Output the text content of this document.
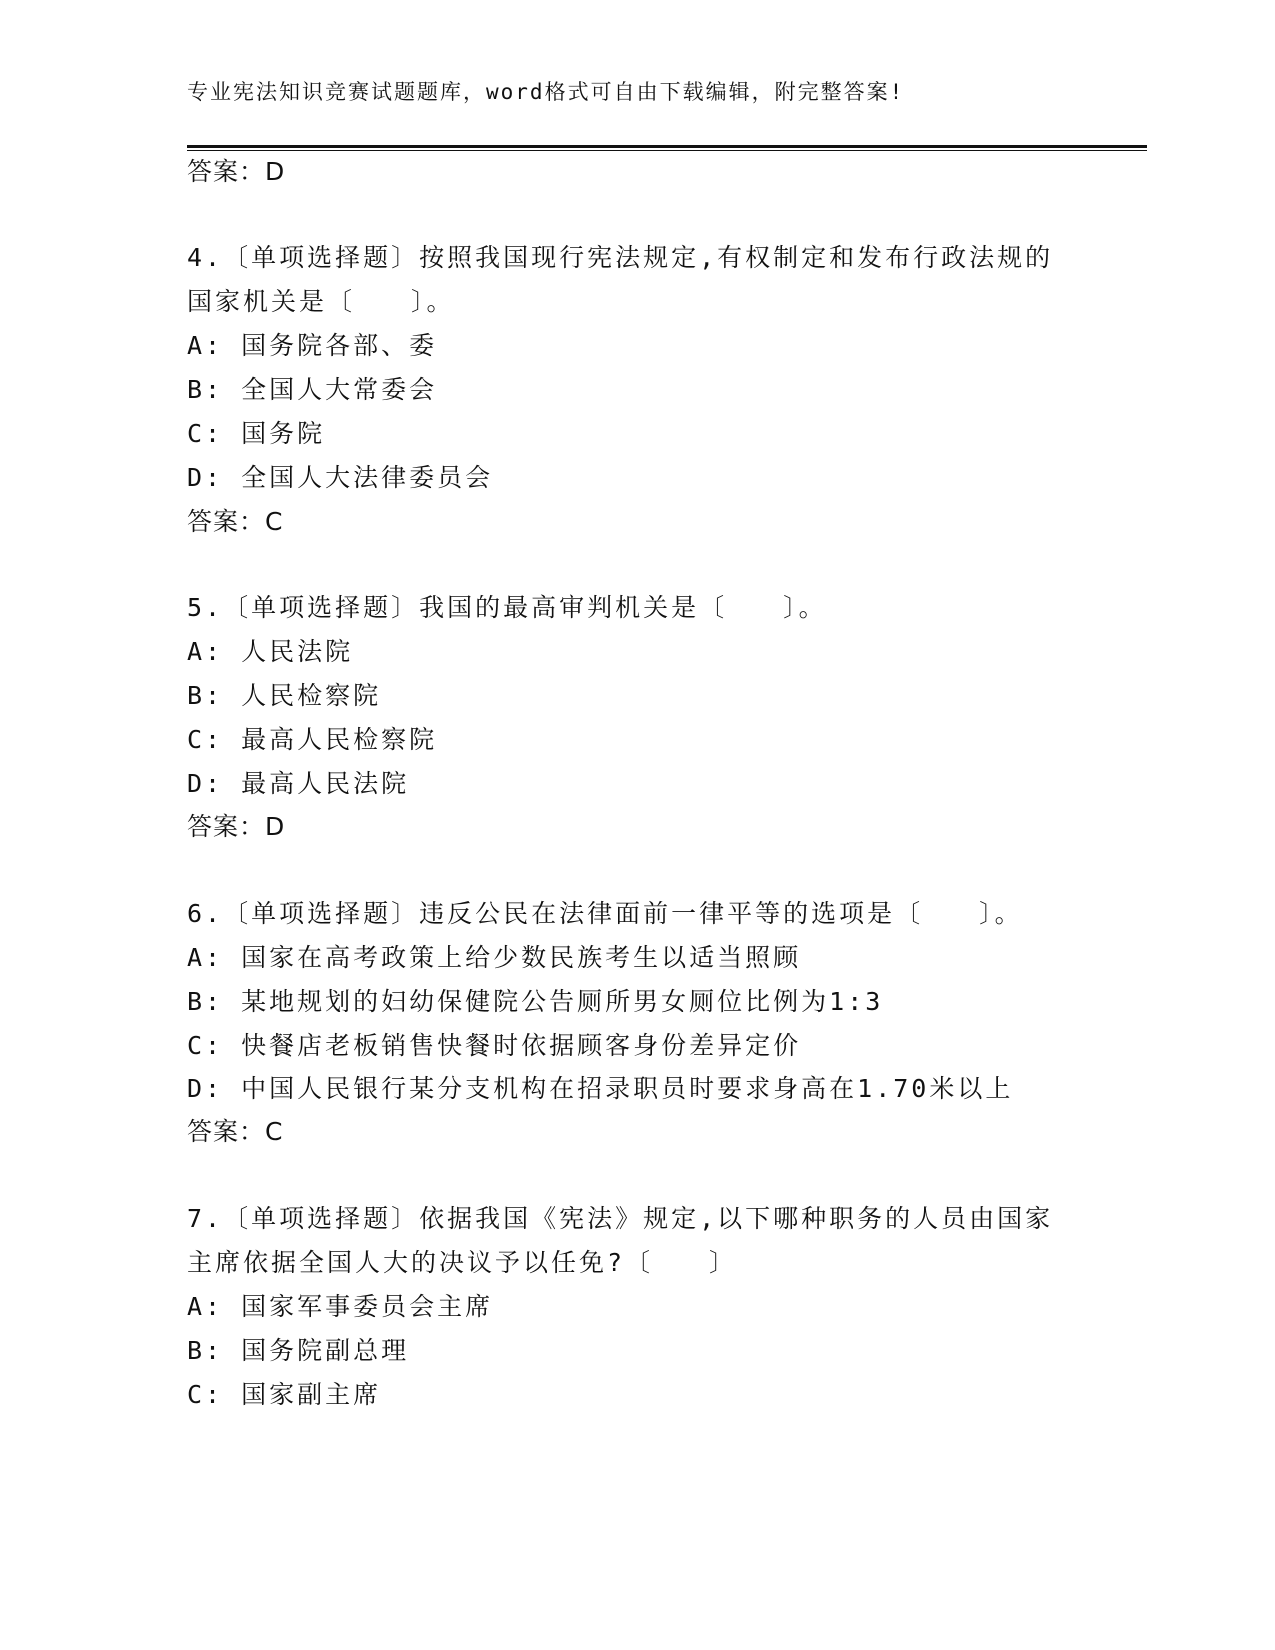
专业宪法知识竞赛试题题库，word格式可自由下载编辑，附完整答案!
答案：D
4.〔单项选择题〕按照我国现行宪法规定,有权制定和发布行政法规的
国家机关是〔　　〕。
A: 国务院各部、委
B: 全国人大常委会
C: 国务院
D: 全国人大法律委员会
答案：C
5.〔单项选择题〕我国的最高审判机关是〔　　〕。
A: 人民法院
B: 人民检察院
C: 最高人民检察院
D: 最高人民法院
答案：D
6.〔单项选择题〕违反公民在法律面前一律平等的选项是〔　　〕。
A: 国家在高考政策上给少数民族考生以适当照顾
B: 某地规划的妇幼保健院公告厕所男女厕位比例为1:3
C: 快餐店老板销售快餐时依据顾客身份差异定价
D: 中国人民银行某分支机构在招录职员时要求身高在1.70米以上
答案：C
7.〔单项选择题〕依据我国《宪法》规定,以下哪种职务的人员由国家
主席依据全国人大的决议予以任免?〔　　〕
A: 国家军事委员会主席
B: 国务院副总理
C: 国家副主席
